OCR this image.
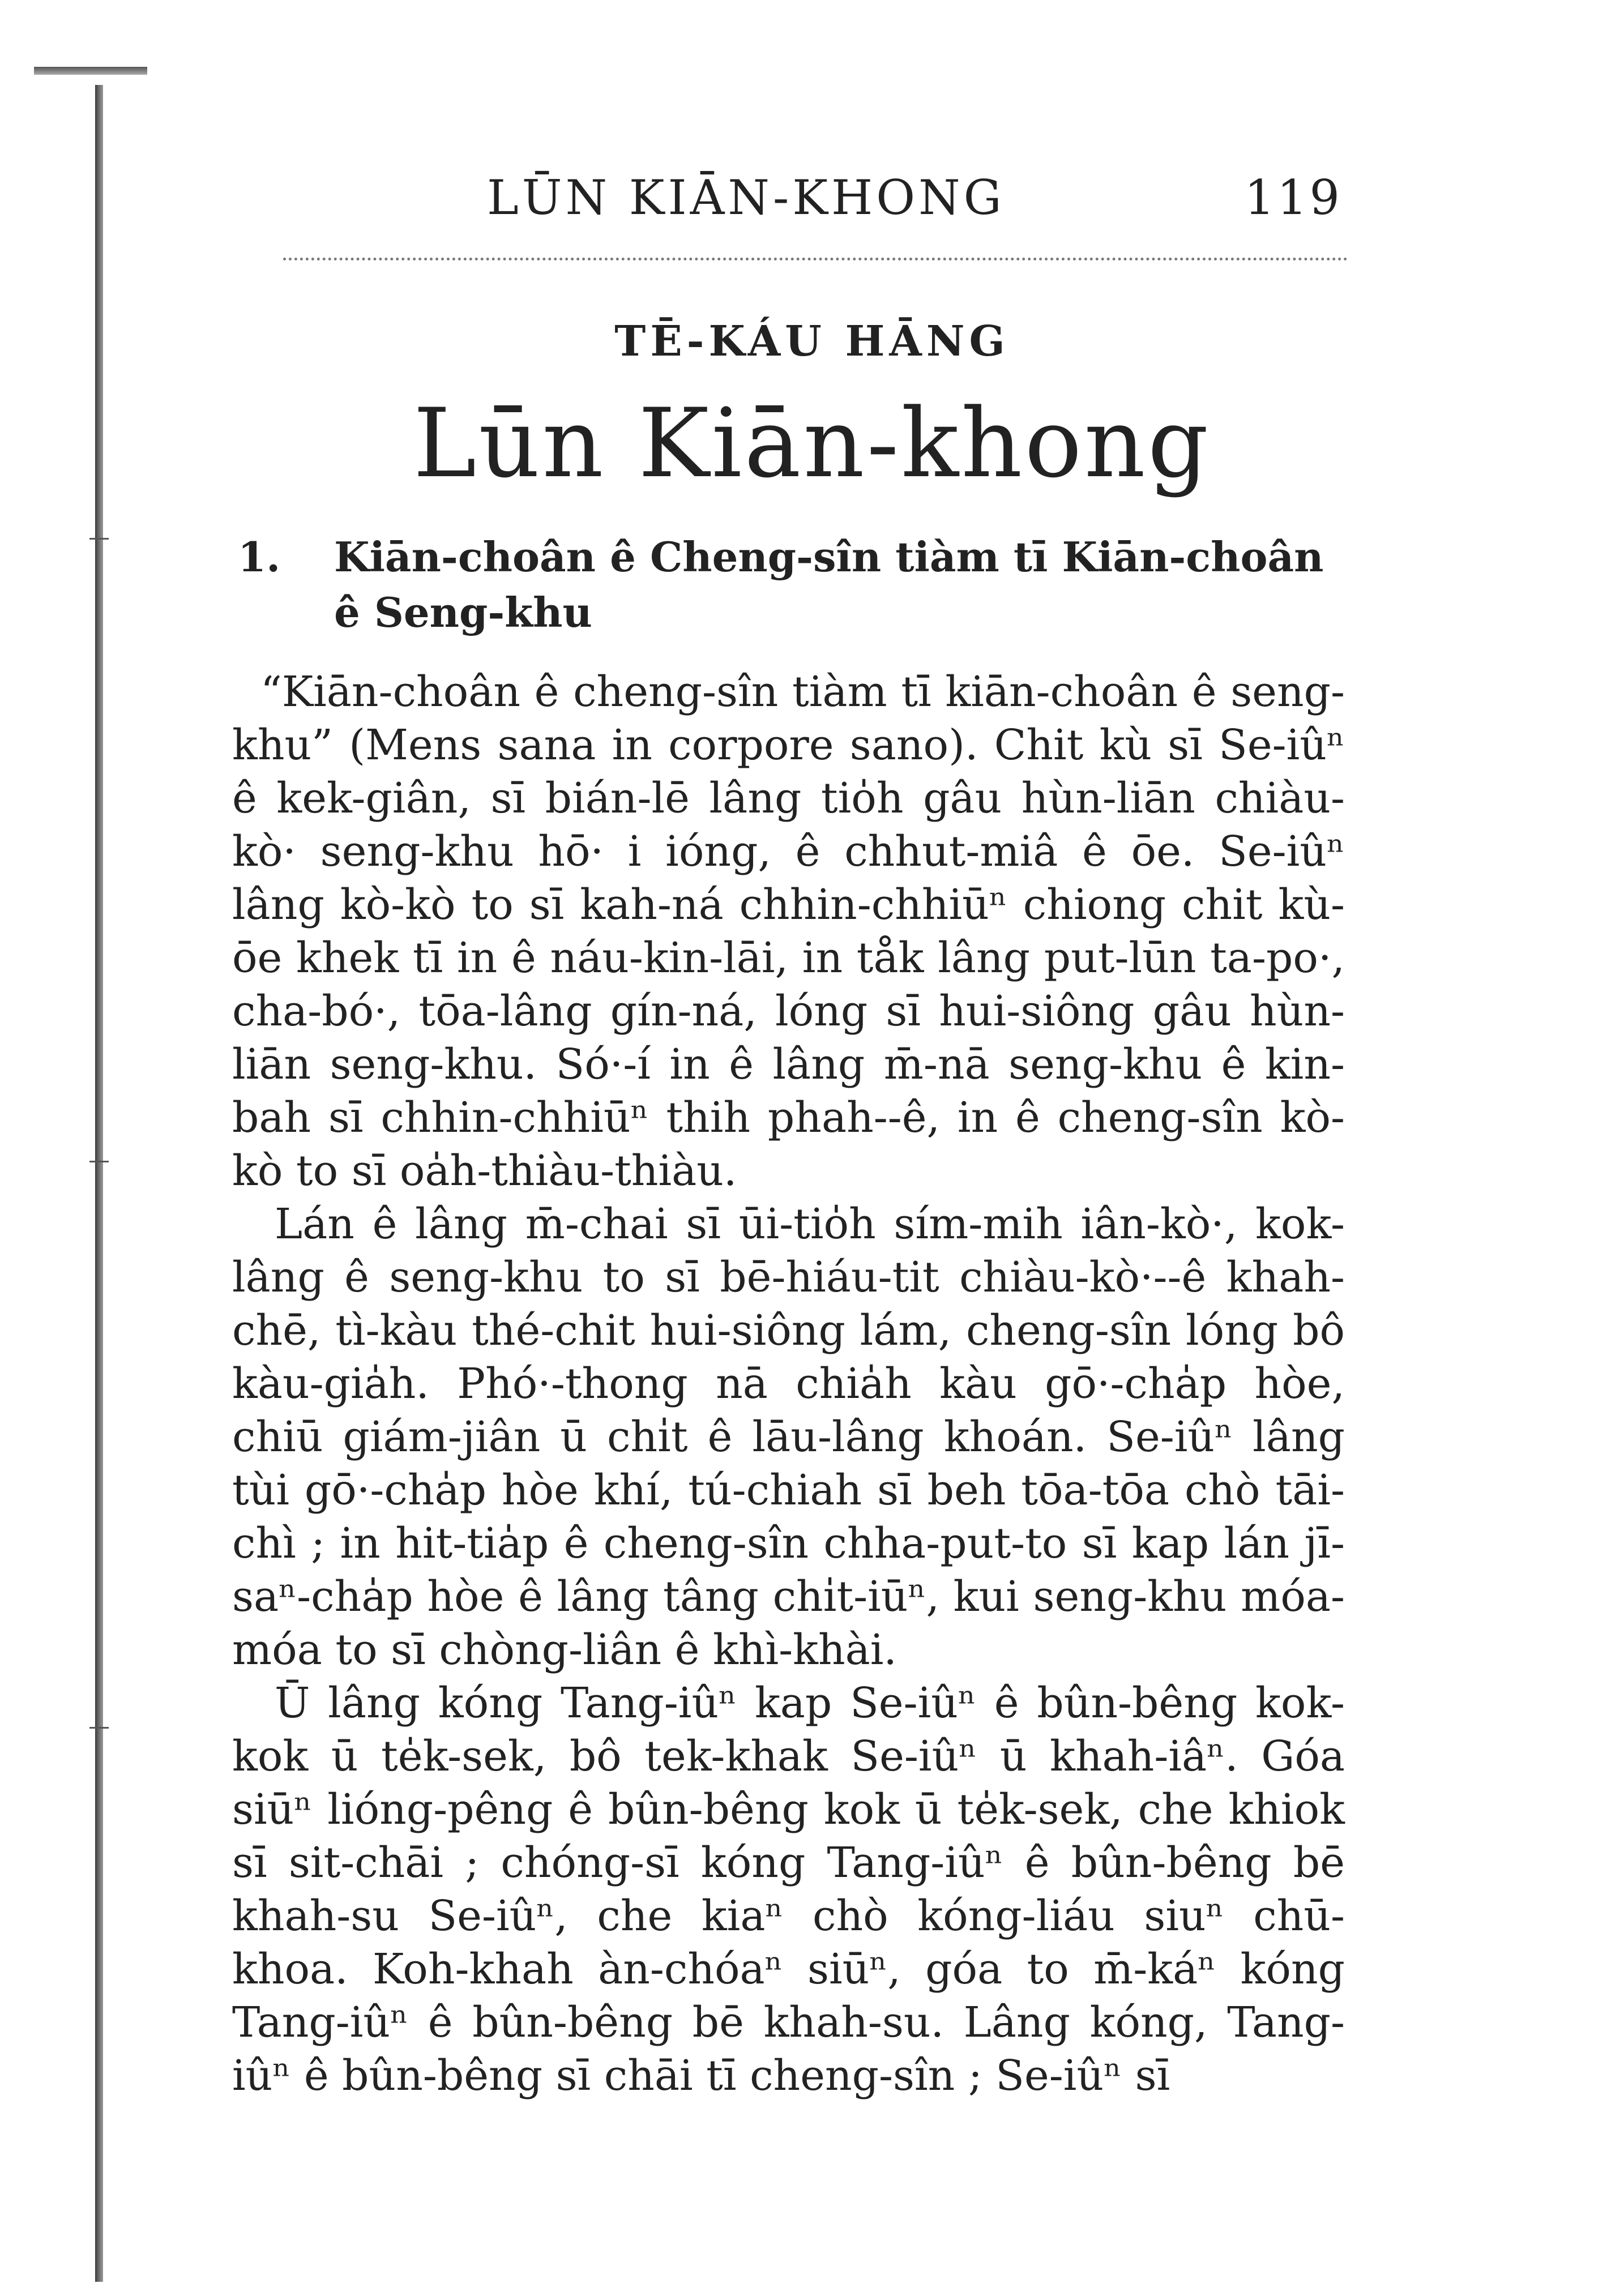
LŪN KIĀN-KHONG	119
TĒ-KÁU HĀNG
Lūn Kiān-khong
1. Kiān-choân ê Cheng-sîn tiàm tī Kiān-choân ê Seng-khu

“Kiān-choân ê cheng-sîn tiàm tī kiān-choân ê seng-khu” (Mens sana in corpore sano). Chit kù sī Se-iûⁿ ê kek-giân, sī bián-lē lâng tio̍h gâu hùn-liān chiàu-kò· seng-khu hō· i ióng, ê chhut-miâ ê ōe. Se-iûⁿ lâng kò-kò to sī kah-ná chhin-chhiūⁿ chiong chit kù-ōe khek tī in ê náu-kin-lāi, in tåk lâng put-lūn ta-po·, cha-bó·, tōa-lâng gín-ná, lóng sī hui-siông gâu hùn-liān seng-khu. Só·-í in ê lâng m̄-nā seng-khu ê kin-bah sī chhin-chhiūⁿ thih phah--ê, in ê cheng-sîn kò-kò to sī oa̍h-thiàu-thiàu.

Lán ê lâng m̄-chai sī ūi-tio̍h sím-mih iân-kò·, kok-lâng ê seng-khu to sī bē-hiáu-tit chiàu-kò·--ê khah-chē, tì-kàu thé-chit hui-siông lám, cheng-sîn lóng bô kàu-gia̍h. Phó·-thong nā chia̍h kàu gō·-cha̍p hòe, chiū giám-jiân ū chi̍t ê lāu-lâng khoán. Se-iûⁿ lâng tùi gō·-cha̍p hòe khí, tú-chiah sī beh tōa-tōa chò tāi-chì ; in hit-tia̍p ê cheng-sîn chha-put-to sī kap lán jī-saⁿ-cha̍p hòe ê lâng tâng chi̍t-iūⁿ, kui seng-khu móa-móa to sī chòng-liân ê khì-khài.

Ū lâng kóng Tang-iûⁿ kap Se-iûⁿ ê bûn-bêng kok-kok ū te̍k-sek, bô tek-khak Se-iûⁿ ū khah-iâⁿ. Góa siūⁿ lióng-pêng ê bûn-bêng kok ū te̍k-sek, che khiok sī sit-chāi ; chóng-sī kóng Tang-iûⁿ ê bûn-bêng bē khah-su Se-iûⁿ, che kiaⁿ chò kóng-liáu siuⁿ chū-khoa. Koh-khah àn-chóaⁿ siūⁿ, góa to m̄-káⁿ kóng Tang-iûⁿ ê bûn-bêng bē khah-su. Lâng kóng, Tang-iûⁿ ê bûn-bêng sī chāi tī cheng-sîn ; Se-iûⁿ sī
